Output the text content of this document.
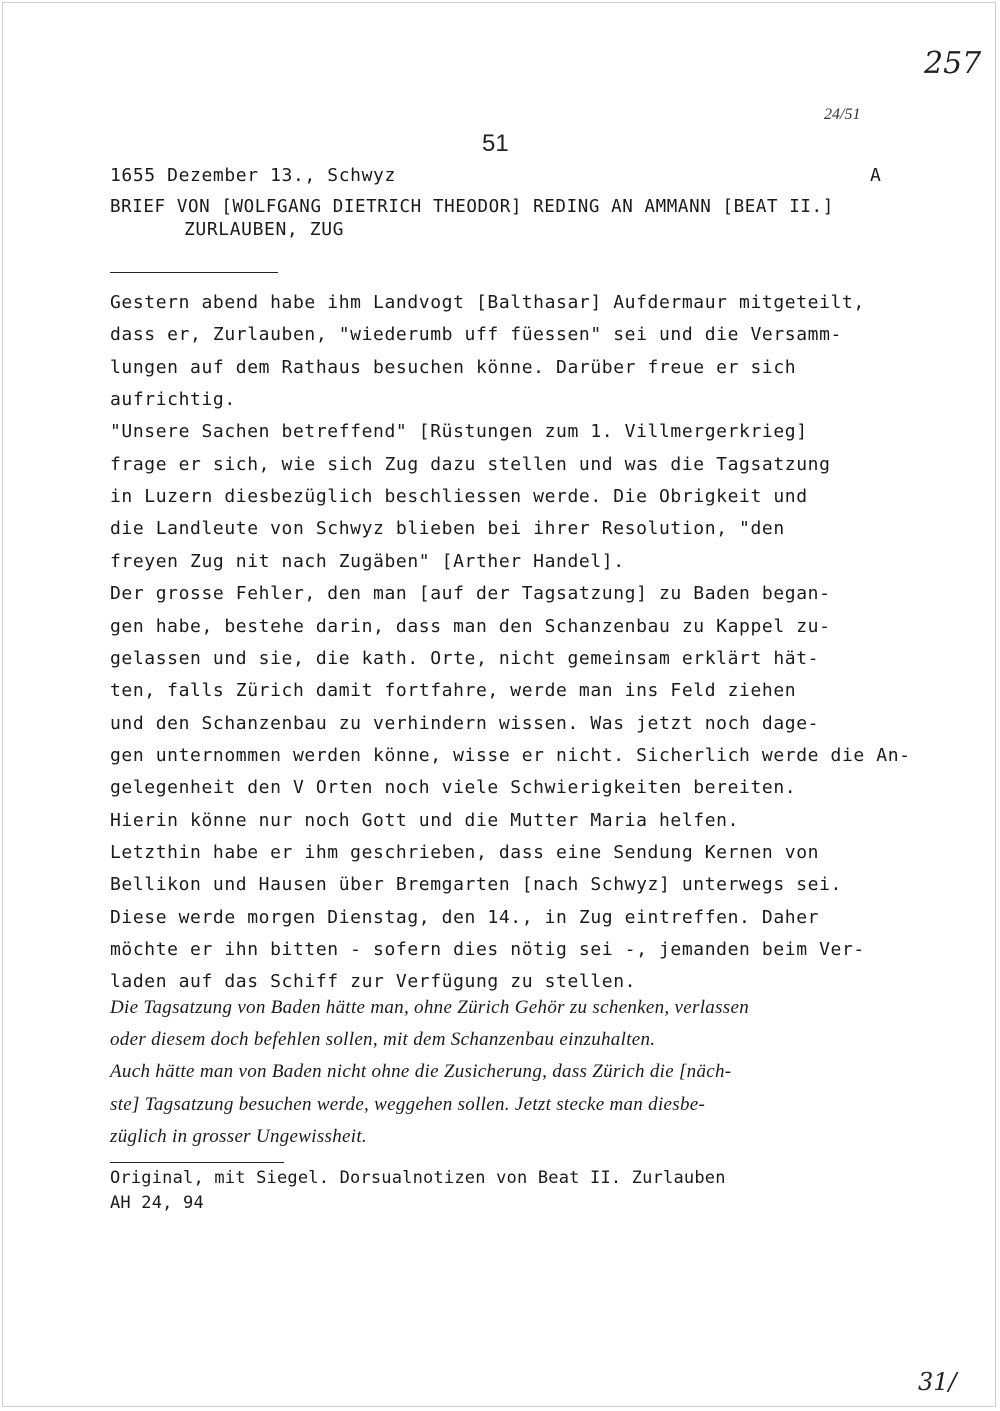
257
24/51
51
1655 Dezember 13., Schwyz	A
BRIEF VON [WOLFGANG DIETRICH THEODOR] REDING AN AMMANN [BEAT II.]
ZURLAUBEN, ZUG
Gestern abend habe ihm Landvogt [Balthasar] Aufdermaur mitgeteilt,
dass er, Zurlauben, "wiederumb uff füessen" sei und die Versamm-
lungen auf dem Rathaus besuchen könne. Darüber freue er sich
aufrichtig.
"Unsere Sachen betreffend" [Rüstungen zum 1. Villmergerkrieg]
frage er sich, wie sich Zug dazu stellen und was die Tagsatzung
in Luzern diesbezüglich beschliessen werde. Die Obrigkeit und
die Landleute von Schwyz blieben bei ihrer Resolution, "den
freyen Zug nit nach Zugäben" [Arther Handel].
Der grosse Fehler, den man [auf der Tagsatzung] zu Baden began-
gen habe, bestehe darin, dass man den Schanzenbau zu Kappel zu-
gelassen und sie, die kath. Orte, nicht gemeinsam erklärt hät-
ten, falls Zürich damit fortfahre, werde man ins Feld ziehen
und den Schanzenbau zu verhindern wissen. Was jetzt noch dage-
gen unternommen werden könne, wisse er nicht. Sicherlich werde die An-
gelegenheit den V Orten noch viele Schwierigkeiten bereiten.
Hierin könne nur noch Gott und die Mutter Maria helfen.
Letzthin habe er ihm geschrieben, dass eine Sendung Kernen von
Bellikon und Hausen über Bremgarten [nach Schwyz] unterwegs sei.
Diese werde morgen Dienstag, den 14., in Zug eintreffen. Daher
möchte er ihn bitten - sofern dies nötig sei -, jemanden beim Ver-
laden auf das Schiff zur Verfügung zu stellen.
Die Tagsatzung von Baden hätte man, ohne Zürich Gehör zu schenken, verlassen
oder diesem doch befehlen sollen, mit dem Schanzenbau einzuhalten.
Auch hätte man von Baden nicht ohne die Zusicherung, dass Zürich die [näch-
ste] Tagsatzung besuchen werde, weggehen sollen. Jetzt stecke man diesbe-
züglich in grosser Ungewissheit.
Original, mit Siegel. Dorsualnotizen von Beat II. Zurlauben
AH 24, 94
31/
